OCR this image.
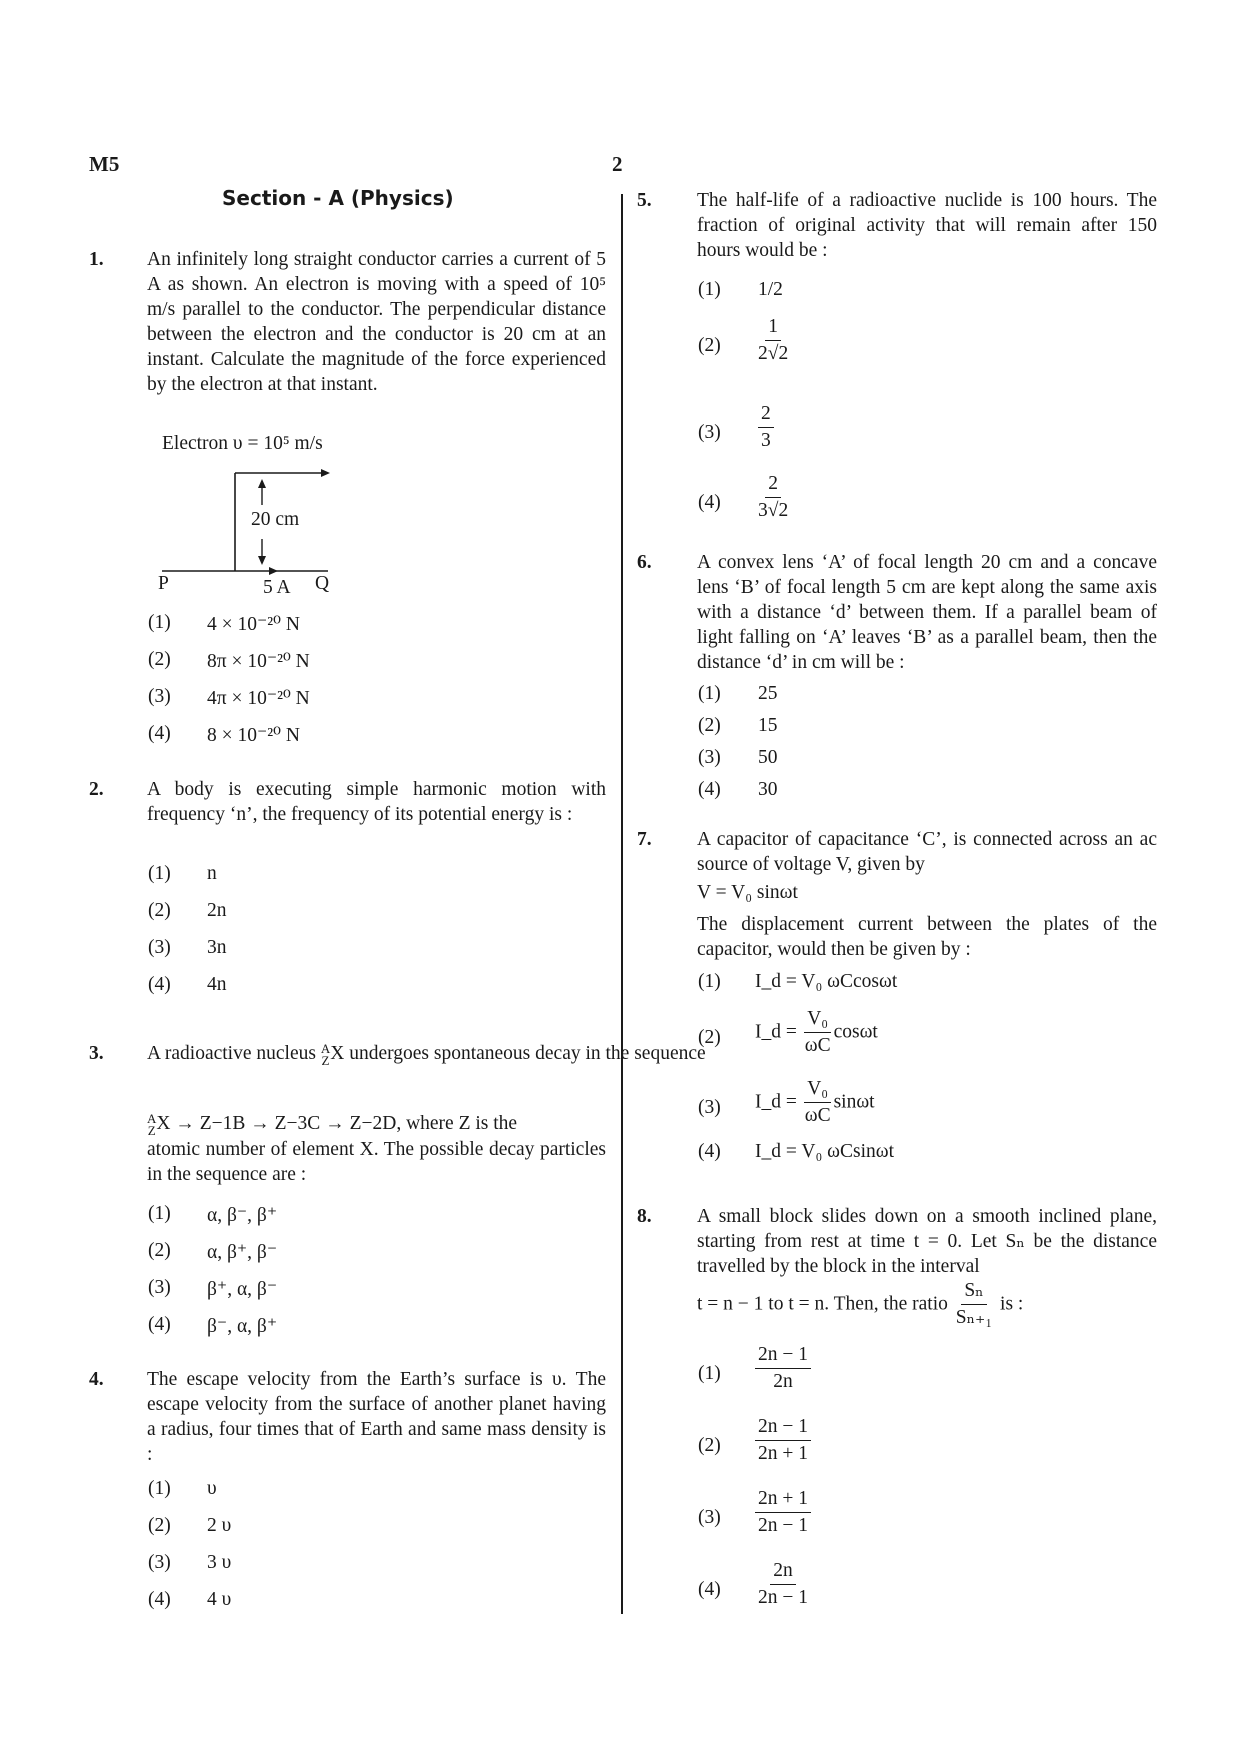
M5	2
Section - A (Physics)
1. An infinitely long straight conductor carries a current of 5 A as shown. An electron is moving with a speed of 10⁵ m/s parallel to the conductor. The perpendicular distance between the electron and the conductor is 20 cm at an instant. Calculate the magnitude of the force experienced by the electron at that instant.
Electron υ = 10⁵ m/s
20 cm
P	5 A Q
(1) 4 × 10⁻²⁰ N
(2) 8π × 10⁻²⁰ N
(3) 4π × 10⁻²⁰ N
(4) 8 × 10⁻²⁰ N
2. A body is executing simple harmonic motion with frequency ‘n’, the frequency of its potential energy is :
(1) n
(2) 2n
(3) 3n
(4) 4n
3. A radioactive nucleus A
Z X undergoes spontaneous decay in the sequence
A
Z X → Z−1B → Z−3C → Z−2D, where Z is the
atomic number of element X. The possible decay particles in the sequence are :
(1) α, β⁻, β⁺
(2) α, β⁺, β⁻
(3) β⁺, α, β⁻
(4) β⁻, α, β⁺
4. The escape velocity from the Earth’s surface is υ. The escape velocity from the surface of another planet having a radius, four times that of Earth and same mass density is :
(1) υ
(2) 2 υ
(3) 3 υ
(4) 4 υ
5. The half-life of a radioactive nuclide is 100 hours. The fraction of original activity that will remain after 150 hours would be :
(1) 1/2
$(2) \frac{1}{2√2}$
$(3) \frac{2}{3}$
$(4) \frac{2}{3√2}$
6. A convex lens ‘A’ of focal length 20 cm and a concave lens ‘B’ of focal length 5 cm are kept along the same axis with a distance ‘d’ between them. If a parallel beam of light falling on ‘A’ leaves ‘B’ as a parallel beam, then the distance ‘d’ in cm will be :
(1) 25
(2) 15
(3) 50
(4) 30
7. A capacitor of capacitance ‘C’, is connected across an ac source of voltage V, given by
V = V₀ sinωt
The displacement current between the plates of the capacitor, would then be given by :
(1) I_d = V₀ ωCcosωt
(2) I_d = $\frac{\text{V₀}}{\omega C}$ cosωt
(3) I_d = $\frac{\text{V₀}}{\omega C}$ sinωt
(4) I_d = V₀ ωCsinωt
8. A small block slides down on a smooth inclined plane, starting from rest at time t = 0. Let Sₙ be the distance travelled by the block in the interval
t = n − 1 to t = n. Then, the ratio $\frac{\text{Sₙ}}{\text{Sₙ₊₁}}$ is :
$(1) \frac{2n - 1}{2n}$
$(2) \frac{2n - 1}{2n + 1}$
$(3) \frac{2n + 1}{2n - 1}$
$(4) \frac{2n}{2n - 1}$
